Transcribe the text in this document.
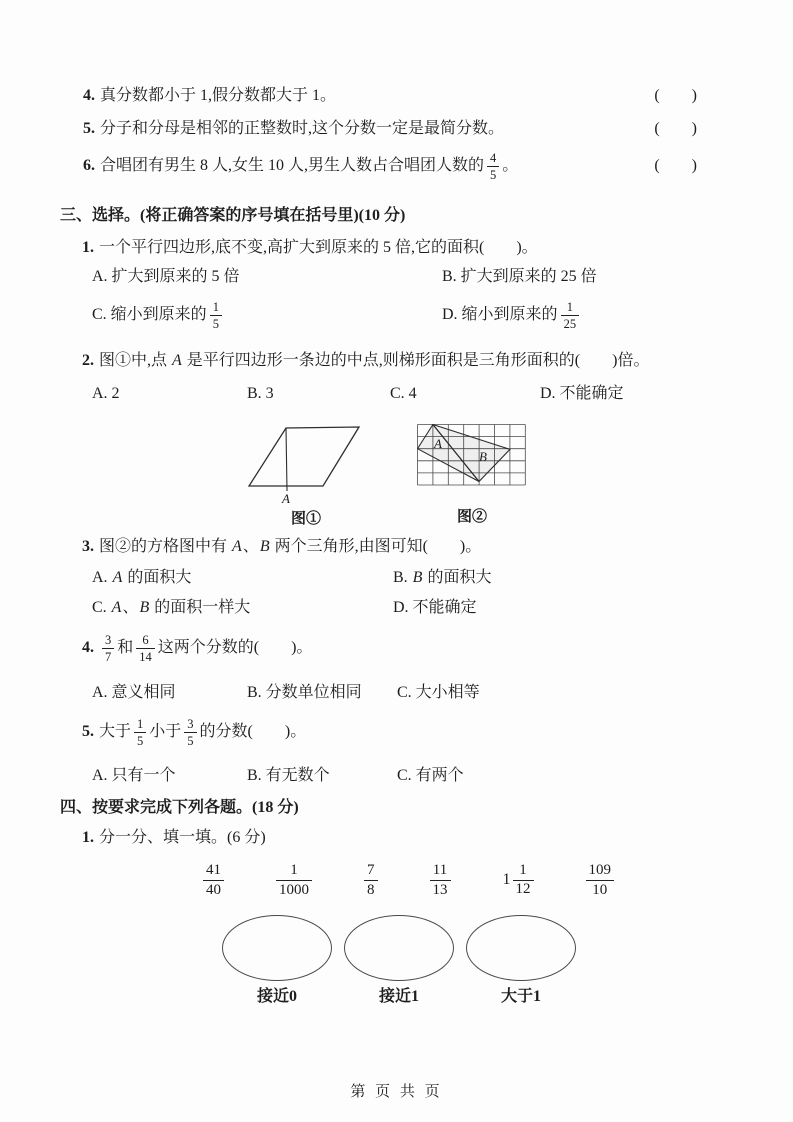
4. 真分数都小于 1,假分数都大于 1。	(　　)
5. 分子和分母是相邻的正整数时,这个分数一定是最简分数。	(　　)
6. 合唱团有男生 8 人,女生 10 人,男生人数占合唱团人数的 $\frac{4}{5}$ 。	(　　)
三、选择。(将正确答案的序号填在括号里)(10 分)
1. 一个平行四边形,底不变,高扩大到原来的 5 倍,它的面积(　　)。
A. 扩大到原来的 5 倍	B. 扩大到原来的 25 倍
C. 缩小到原来的 $\frac{1}{5}$	D. 缩小到原来的 $\frac{1}{25}$
2. 图①中,点 A 是平行四边形一条边的中点,则梯形面积是三角形面积的(　　)倍。
A. 2	B. 3	C. 4	D. 不能确定
A
图①
A
B
图②
3. 图②的方格图中有 A、B 两个三角形,由图可知(　　)。
A. A 的面积大	B. B 的面积大
C. A、B 的面积一样大	D. 不能确定
4. $\frac{3}{7}$ 和 $\frac{6}{14}$ 这两个分数的(　　)。
A. 意义相同	B. 分数单位相同	C. 大小相等
5. 大于 $\frac{1}{5}$ 小于 $\frac{3}{5}$ 的分数(　　)。
A. 只有一个	B. 有无数个	C. 有两个
四、按要求完成下列各题。(18 分)
1. 分一分、填一填。(6 分)
$\frac{41}{40}$	$\frac{1}{1000}$	$\frac{7}{8}$	$\frac{11}{13}$	$1 \frac{1}{12}$	$\frac{109}{10}$
接近0	接近1	大于1
第 页 共 页
